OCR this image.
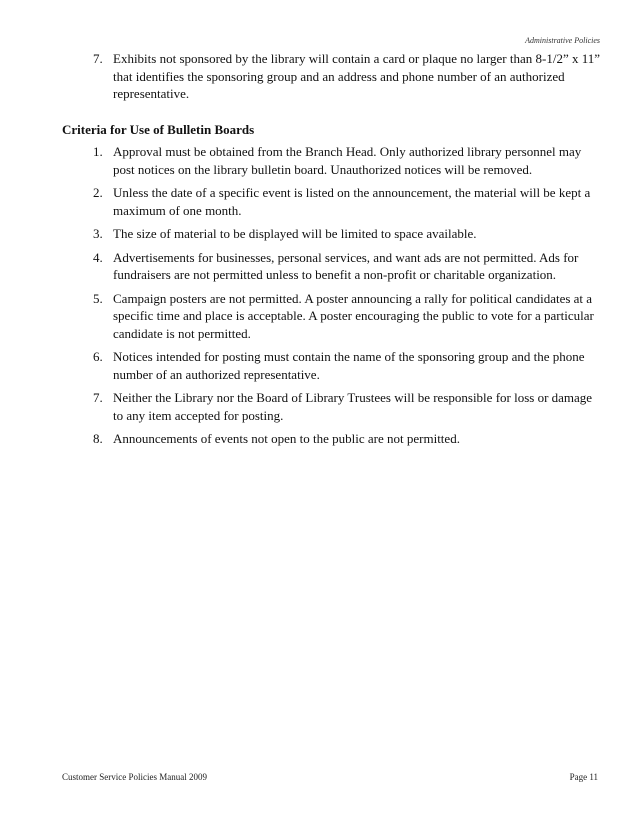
Administrative Policies
7. Exhibits not sponsored by the library will contain a card or plaque no larger than 8-1/2” x 11” that identifies the sponsoring group and an address and phone number of an authorized representative.
Criteria for Use of Bulletin Boards
1. Approval must be obtained from the Branch Head. Only authorized library personnel may post notices on the library bulletin board. Unauthorized notices will be removed.
2. Unless the date of a specific event is listed on the announcement, the material will be kept a maximum of one month.
3. The size of material to be displayed will be limited to space available.
4. Advertisements for businesses, personal services, and want ads are not permitted. Ads for fundraisers are not permitted unless to benefit a non-profit or charitable organization.
5. Campaign posters are not permitted. A poster announcing a rally for political candidates at a specific time and place is acceptable. A poster encouraging the public to vote for a particular candidate is not permitted.
6. Notices intended for posting must contain the name of the sponsoring group and the phone number of an authorized representative.
7. Neither the Library nor the Board of Library Trustees will be responsible for loss or damage to any item accepted for posting.
8. Announcements of events not open to the public are not permitted.
Customer Service Policies Manual 2009	Page 11
